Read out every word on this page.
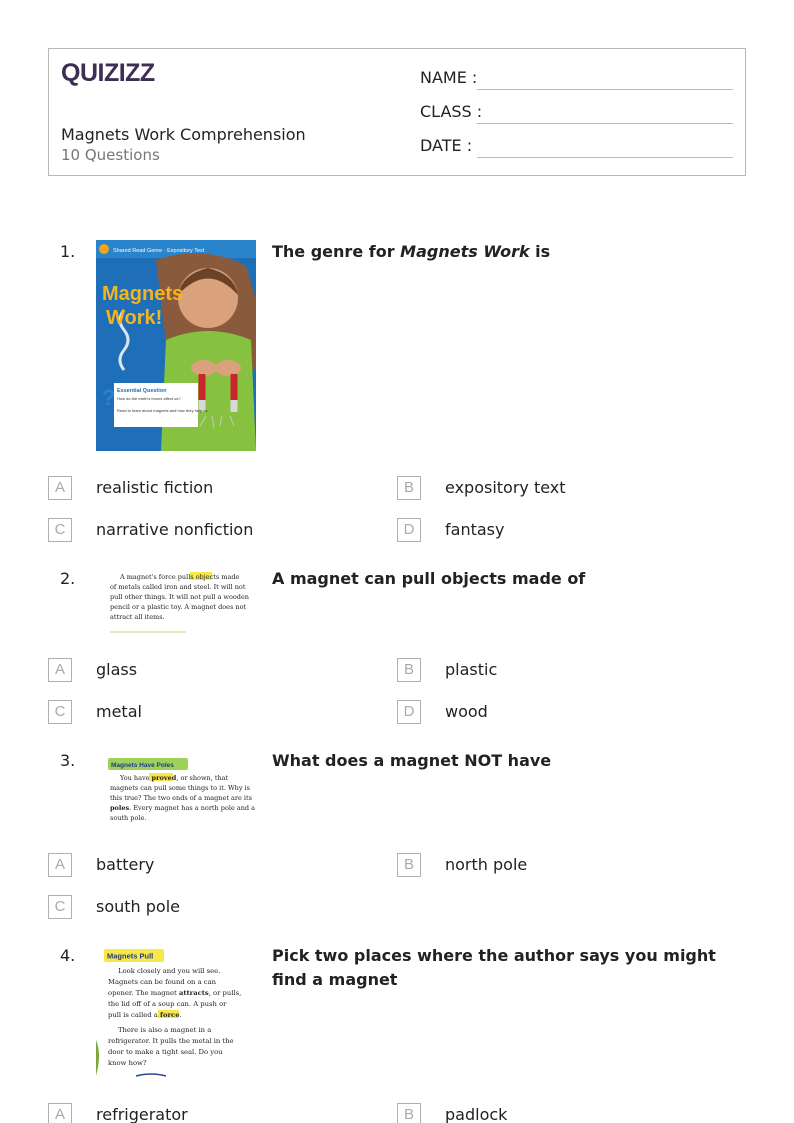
QUIZIZZ
Magnets Work Comprehension
10 Questions
NAME :
CLASS :
DATE :
1.	Shared Read Genre · Expository Text
Magnets
Work!
? Essential Question
How do the earth's forces affect us?
Read to learn about magnets and how they help us.
The genre for Magnets Work is
A	realistic fiction	B	expository text
C	narrative nonfiction	D	fantasy
2.	A magnet's force pulls objects made
of metals called iron and steel. It will not
pull other things. It will not pull a wooden
pencil or a plastic toy. A magnet does not
attract all items.
A magnet can pull objects made of
A	glass	B	plastic
C	metal	D	wood
3.	Magnets Have Poles
You have proved, or shown, that
magnets can pull some things to it. Why is
this true? The two ends of a magnet are its
poles. Every magnet has a north pole and a
south pole.
What does a magnet NOT have
A	battery	B	north pole
C	south pole
4.	Magnets Pull
Look closely and you will see.
Magnets can be found on a can
opener. The magnet attracts, or pulls,
the lid off of a soup can. A push or
pull is called a force.
There is also a magnet in a
refrigerator. It pulls the metal in the
door to make a tight seal. Do you
know how?
Pick two places where the author says you might find a magnet
A	refrigerator	B	padlock
